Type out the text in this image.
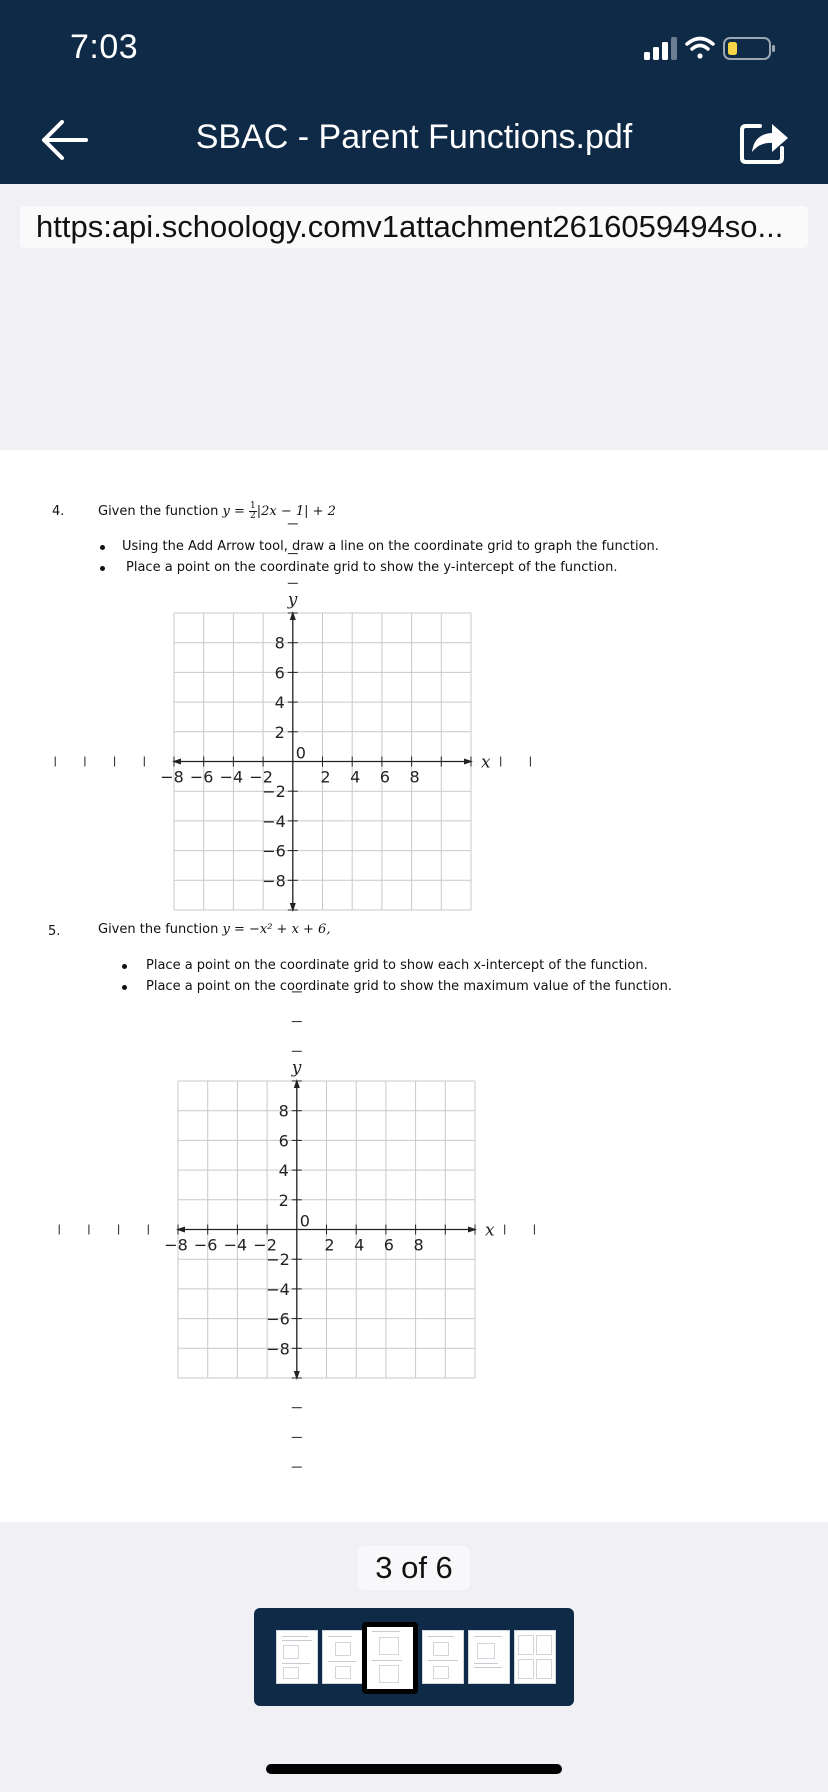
7:03
SBAC - Parent Functions.pdf
https:api.schoology.comv1attachment2616059494so...
4.	Given the function $y = \frac{1}{2} |2x - 1| + 2$
Using the Add Arrow tool, draw a line on the coordinate grid to graph the function.
Place a point on the coordinate grid to show the y-intercept of the function.
−8 −6 −4 −2	2 4 6 8
8
6
4
2
−2
−4
−6
−8
0	x
y
5.	Given the function y = −x² + x + 6,
Place a point on the coordinate grid to show each x-intercept of the function.
Place a point on the coordinate grid to show the maximum value of the function.
−8 −6 −4 −2	2 4 6 8
8
6
4
2
−2
−4
−6
−8
0	x
y
3 of 6
